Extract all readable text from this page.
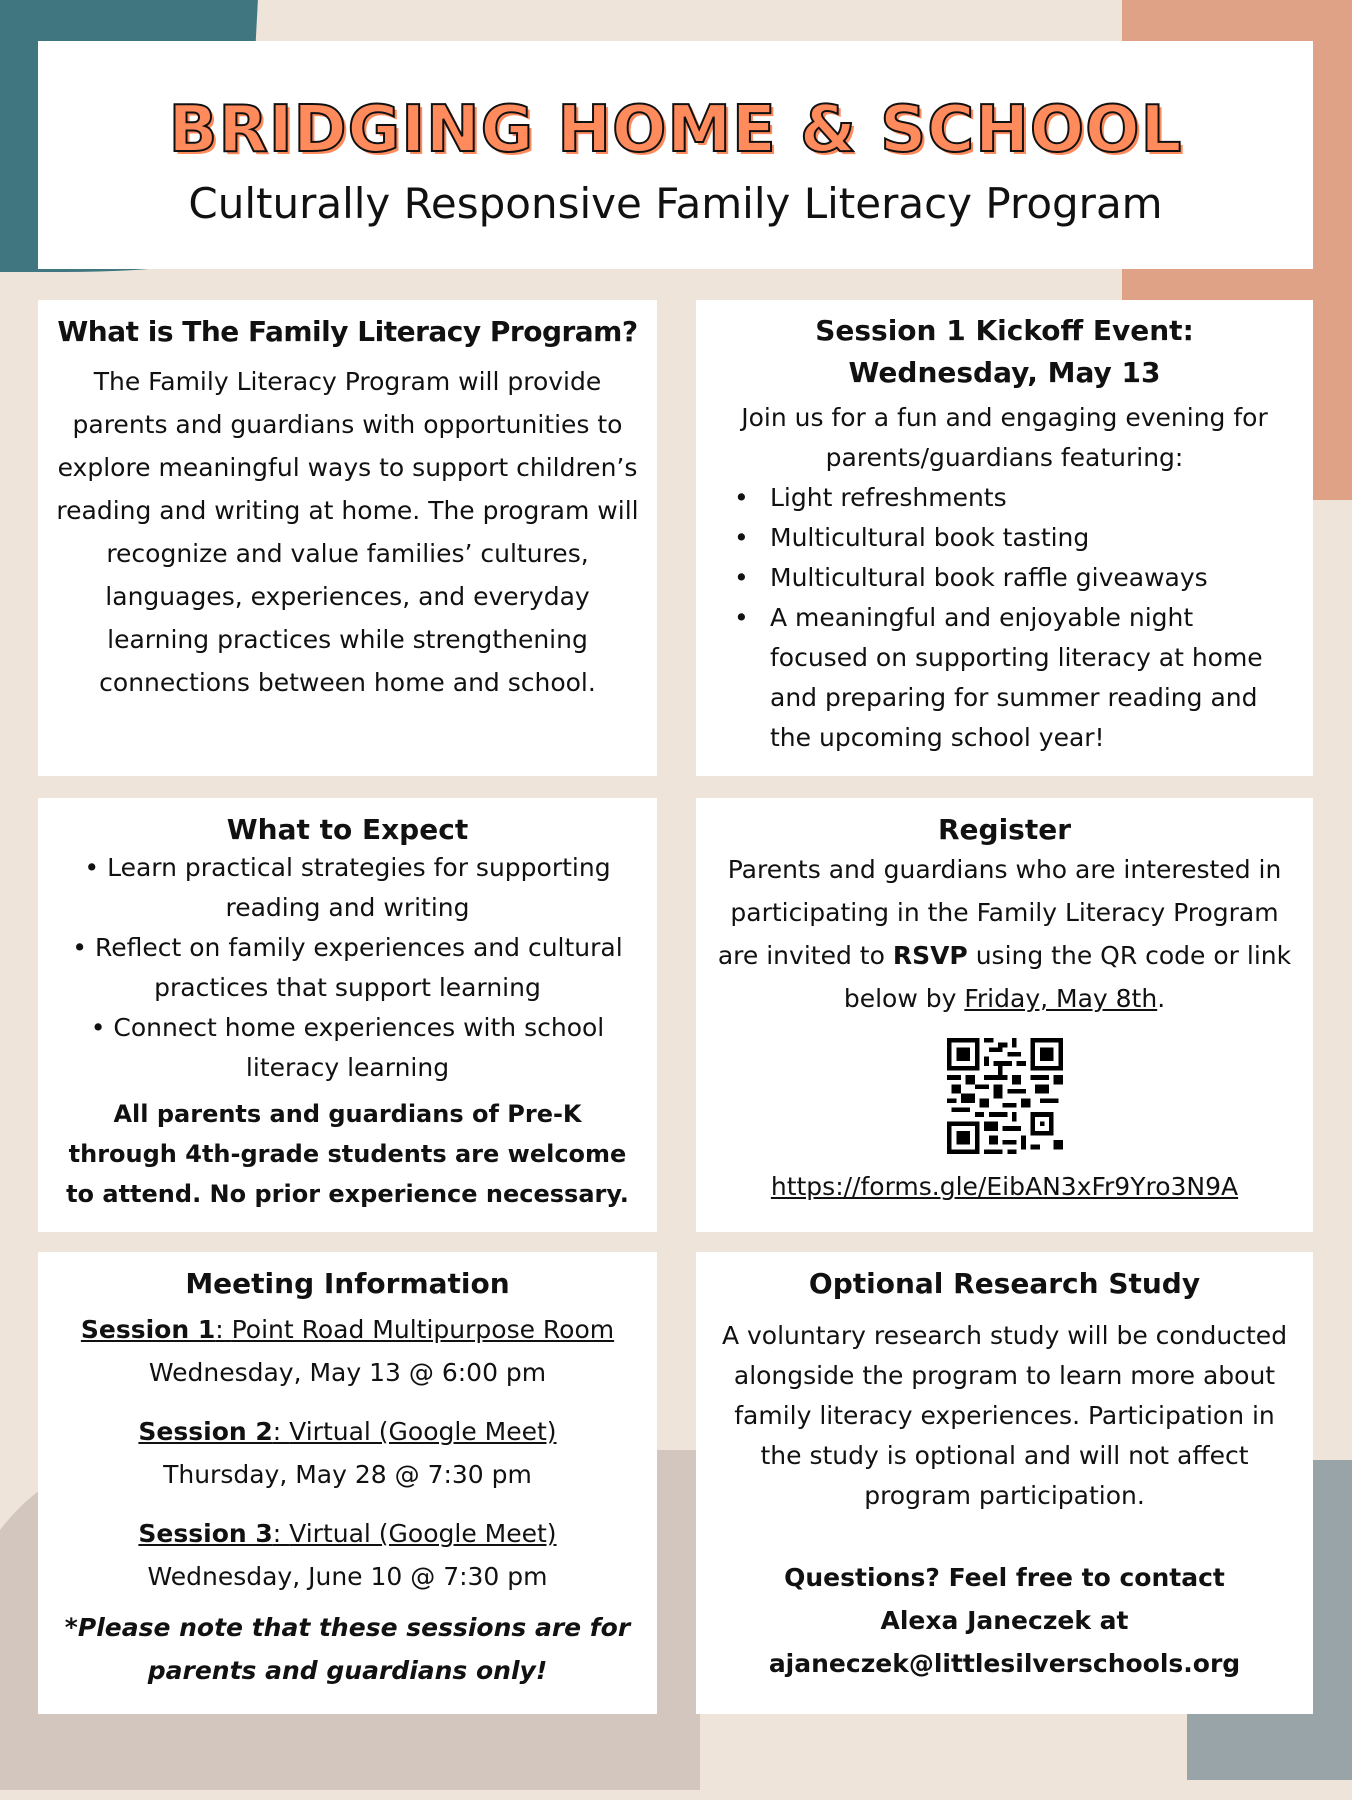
BRIDGING HOME & SCHOOL
Culturally Responsive Family Literacy Program
What is The Family Literacy Program?
The Family Literacy Program will provide parents and guardians with opportunities to explore meaningful ways to support children’s reading and writing at home. The program will recognize and value families’ cultures, languages, experiences, and everyday learning practices while strengthening connections between home and school.
Session 1 Kickoff Event:
Wednesday, May 13
Join us for a fun and engaging evening for parents/guardians featuring:
• Light refreshments
• Multicultural book tasting
• Multicultural book raffle giveaways
• A meaningful and enjoyable night focused on supporting literacy at home and preparing for summer reading and the upcoming school year!
What to Expect
• Learn practical strategies for supporting reading and writing
• Reflect on family experiences and cultural practices that support learning
• Connect home experiences with school literacy learning
All parents and guardians of Pre-K through 4th-grade students are welcome to attend. No prior experience necessary.
Register
Parents and guardians who are interested in participating in the Family Literacy Program are invited to RSVP using the QR code or link below by Friday, May 8th.
https://forms.gle/EibAN3xFr9Yro3N9A
Meeting Information
Session 1: Point Road Multipurpose Room
Wednesday, May 13 @ 6:00 pm
Session 2: Virtual (Google Meet)
Thursday, May 28 @ 7:30 pm
Session 3: Virtual (Google Meet)
Wednesday, June 10 @ 7:30 pm
*Please note that these sessions are for parents and guardians only!
Optional Research Study
A voluntary research study will be conducted alongside the program to learn more about family literacy experiences. Participation in the study is optional and will not affect program participation.
Questions? Feel free to contact
Alexa Janeczek at
ajaneczek@littlesilverschools.org
